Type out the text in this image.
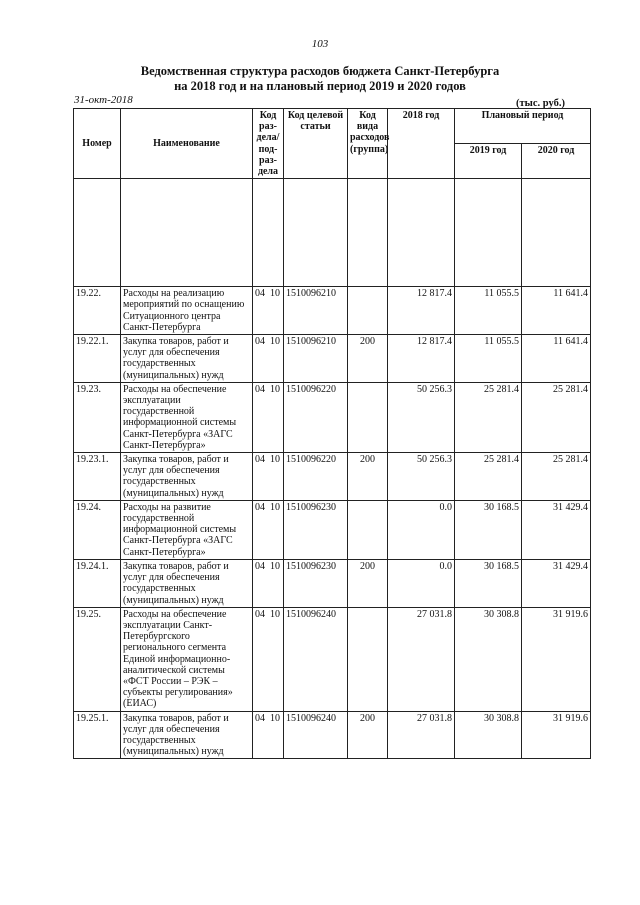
103
Ведомственная структура расходов бюджета Санкт-Петербурга
на 2018 год и на плановый период 2019 и 2020 годов
31-окт-2018	(тыс. руб.)
Номер	Наименование	Код раз-дела/ под-раз-дела	Код целевой статьи	Код вида расходов (группа)	2018 год	Плановый период	
						2019 год	2020 год

19.22.	Расходы на реализацию мероприятий по оснащению Ситуационного центра Санкт-Петербурга	04 10	1510096210		12 817.4	11 055.5	11 641.4
19.22.1.	Закупка товаров, работ и услуг для обеспечения государственных (муниципальных) нужд	04 10	1510096210	200	12 817.4	11 055.5	11 641.4
19.23.	Расходы на обеспечение эксплуатации государственной информационной системы Санкт-Петербурга «ЗАГС Санкт-Петербурга»	04 10	1510096220		50 256.3	25 281.4	25 281.4
19.23.1.	Закупка товаров, работ и услуг для обеспечения государственных (муниципальных) нужд	04 10	1510096220	200	50 256.3	25 281.4	25 281.4
19.24.	Расходы на развитие государственной информационной системы Санкт-Петербурга «ЗАГС Санкт-Петербурга»	04 10	1510096230		0.0	30 168.5	31 429.4
19.24.1.	Закупка товаров, работ и услуг для обеспечения государственных (муниципальных) нужд	04 10	1510096230	200	0.0	30 168.5	31 429.4
19.25.	Расходы на обеспечение эксплуатации Санкт-Петербургского регионального сегмента Единой информационно-аналитической системы «ФСТ России – РЭК – субъекты регулирования» (ЕИАС)	04 10	1510096240		27 031.8	30 308.8	31 919.6
19.25.1.	Закупка товаров, работ и услуг для обеспечения государственных (муниципальных) нужд	04 10	1510096240	200	27 031.8	30 308.8	31 919.6
